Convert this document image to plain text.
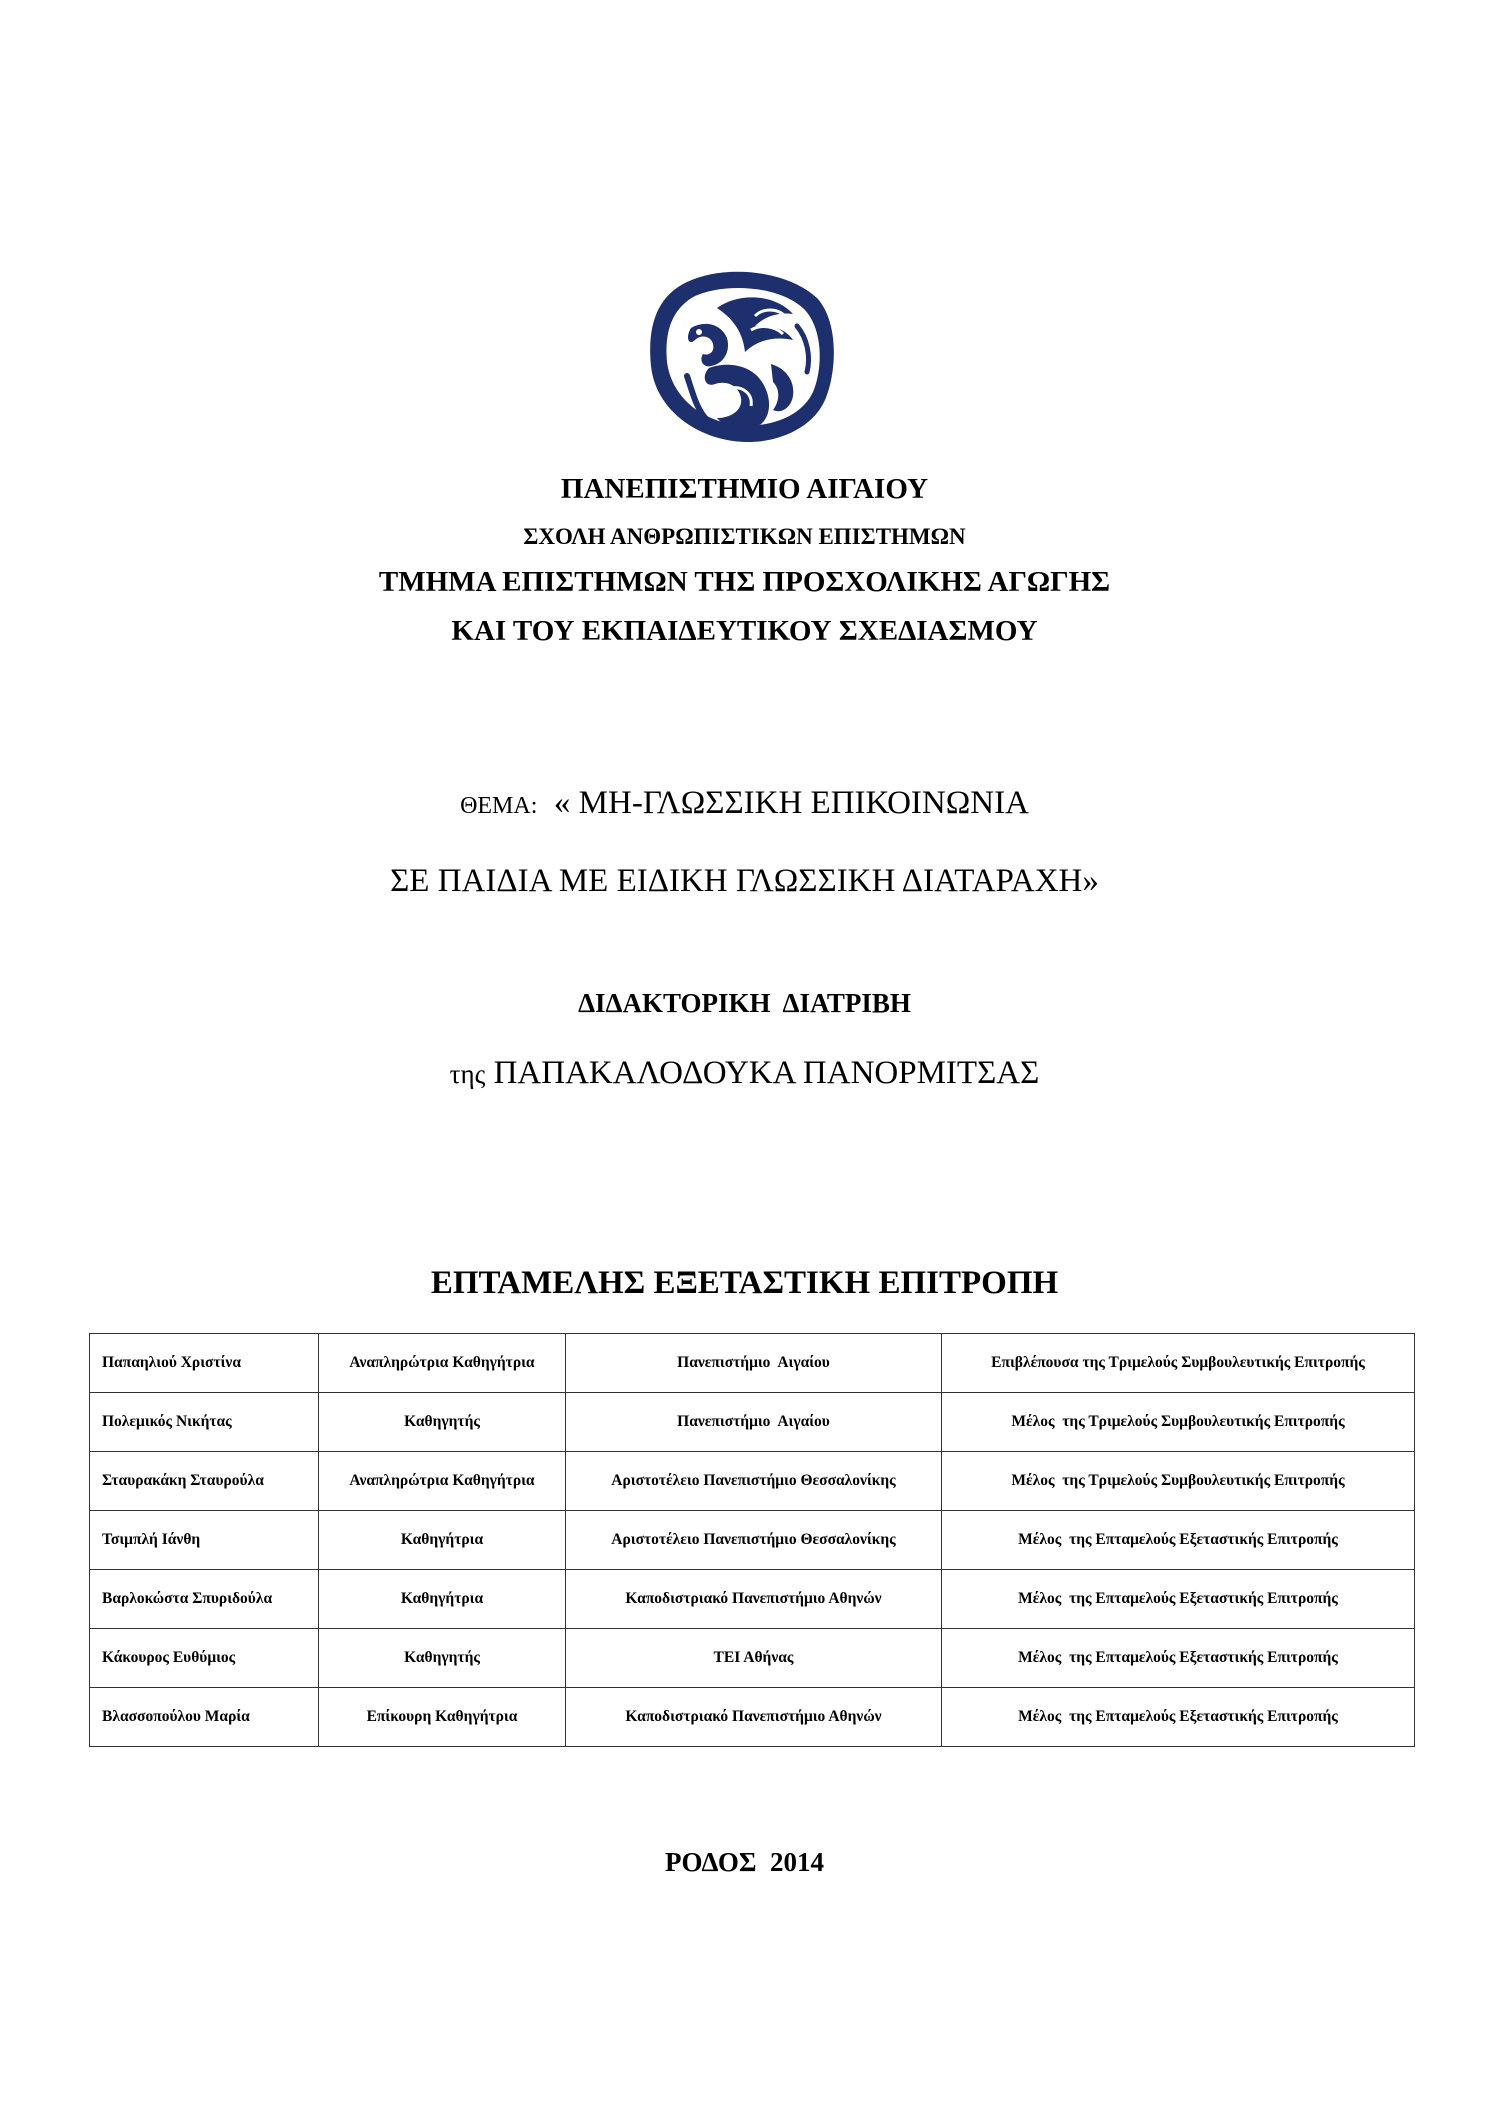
ΠΑΝΕΠΙΣΤΗΜΙΟ ΑΙΓΑΙΟΥ
ΣΧΟΛΗ ΑΝΘΡΩΠΙΣΤΙΚΩΝ ΕΠΙΣΤΗΜΩΝ
ΤΜΗΜΑ ΕΠΙΣΤΗΜΩΝ ΤΗΣ ΠΡΟΣΧΟΛΙΚΗΣ ΑΓΩΓΗΣ
ΚΑΙ ΤΟΥ ΕΚΠΑΙΔΕΥΤΙΚΟΥ ΣΧΕΔΙΑΣΜΟΥ
ΘΕΜΑ: « ΜΗ-ΓΛΩΣΣΙΚΗ ΕΠΙΚΟΙΝΩΝΙΑ
ΣΕ ΠΑΙΔΙΑ ΜΕ ΕΙΔΙΚΗ ΓΛΩΣΣΙΚΗ ΔΙΑΤΑΡΑΧΗ»
ΔΙΔΑΚΤΟΡΙΚΗ  ΔΙΑΤΡΙΒΗ
της ΠΑΠΑΚΑΛΟΔΟΥΚΑ ΠΑΝΟΡΜΙΤΣΑΣ
ΕΠΤΑΜΕΛΗΣ ΕΞΕΤΑΣΤΙΚΗ ΕΠΙΤΡΟΠΗ
Παπαηλιού Χριστίνα	Αναπληρώτρια Καθηγήτρια	Πανεπιστήμιο  Αιγαίου	Επιβλέπουσα της Τριμελούς Συμβουλευτικής Επιτροπής
Πολεμικός Νικήτας	Καθηγητής	Πανεπιστήμιο  Αιγαίου	Μέλος  της Τριμελούς Συμβουλευτικής Επιτροπής
Σταυρακάκη Σταυρούλα	Αναπληρώτρια Καθηγήτρια	Αριστοτέλειο Πανεπιστήμιο Θεσσαλονίκης	Μέλος  της Τριμελούς Συμβουλευτικής Επιτροπής
Τσιμπλή Ιάνθη	Καθηγήτρια	Αριστοτέλειο Πανεπιστήμιο Θεσσαλονίκης	Μέλος  της Επταμελούς Εξεταστικής Επιτροπής
Βαρλοκώστα Σπυριδούλα	Καθηγήτρια	Καποδιστριακό Πανεπιστήμιο Αθηνών	Μέλος  της Επταμελούς Εξεταστικής Επιτροπής
Κάκουρος Ευθύμιος	Καθηγητής	ΤΕΙ Αθήνας	Μέλος  της Επταμελούς Εξεταστικής Επιτροπής
Βλασσοπούλου Μαρία	Επίκουρη Καθηγήτρια	Καποδιστριακό Πανεπιστήμιο Αθηνών	Μέλος  της Επταμελούς Εξεταστικής Επιτροπής
ΡΟΔΟΣ  2014
